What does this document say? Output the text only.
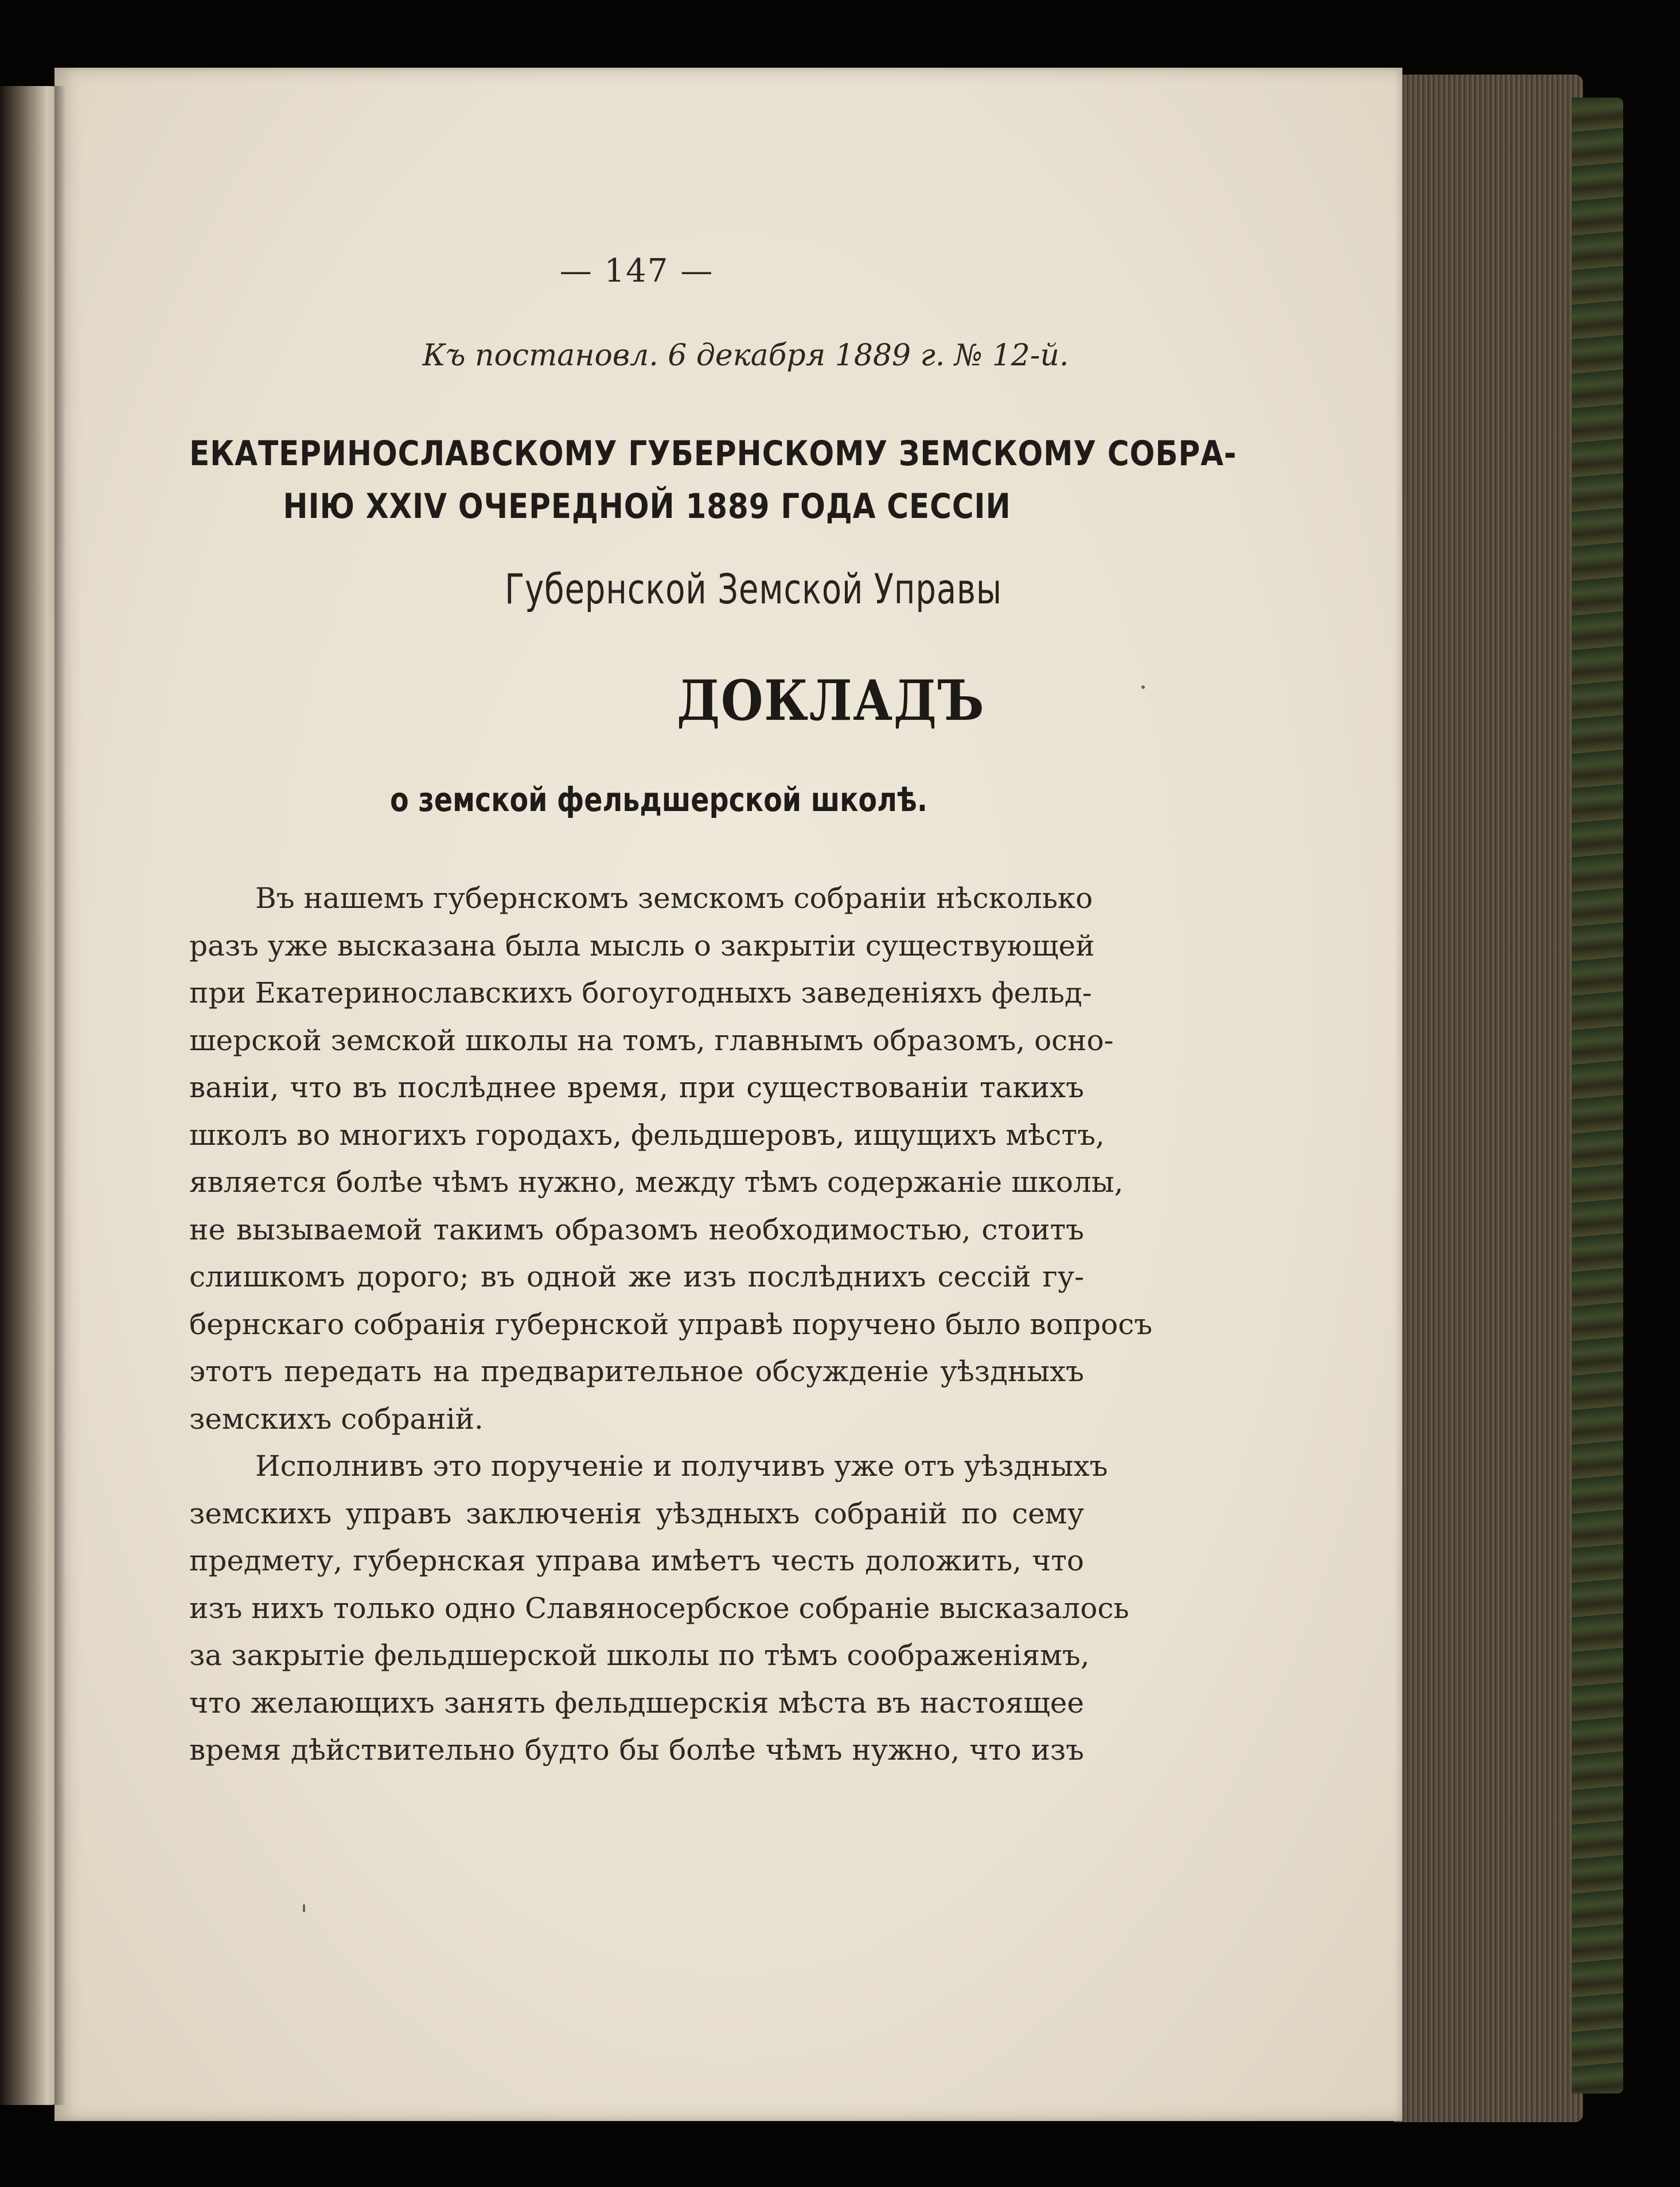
— 147 —
Къ постановл. 6 декабря 1889 г. № 12-й.
ЕКАТЕРИНОСЛАВСКОМУ ГУБЕРНСКОМУ ЗЕМСКОМУ СОБРА-
НІЮ XXIV ОЧЕРЕДНОЙ 1889 ГОДА СЕССІИ
Губернской Земской Управы
ДОКЛАДЪ
о земской фельдшерской школѣ.
Въ нашемъ губернскомъ земскомъ собраніи нѣсколько
разъ уже высказана была мысль о закрытіи существующей
при Екатеринославскихъ богоугодныхъ заведеніяхъ фельд-
шерской земской школы на томъ, главнымъ образомъ, осно-
ваніи, что въ послѣднее время, при существованіи такихъ
школъ во многихъ городахъ, фельдшеровъ, ищущихъ мѣстъ,
является болѣе чѣмъ нужно, между тѣмъ содержаніе школы,
не вызываемой такимъ образомъ необходимостью, стоитъ
слишкомъ дорого; въ одной же изъ послѣднихъ сессій гу-
бернскаго собранія губернской управѣ поручено было вопросъ
этотъ передать на предварительное обсужденіе уѣздныхъ
земскихъ собраній.
Исполнивъ это порученіе и получивъ уже отъ уѣздныхъ
земскихъ управъ заключенія уѣздныхъ собраній по сему
предмету, губернская управа имѣетъ честь доложить, что
изъ нихъ только одно Славяносербское собраніе высказалось
за закрытіе фельдшерской школы по тѣмъ соображеніямъ,
что желающихъ занять фельдшерскія мѣста въ настоящее
время дѣйствительно будто бы болѣе чѣмъ нужно, что изъ
